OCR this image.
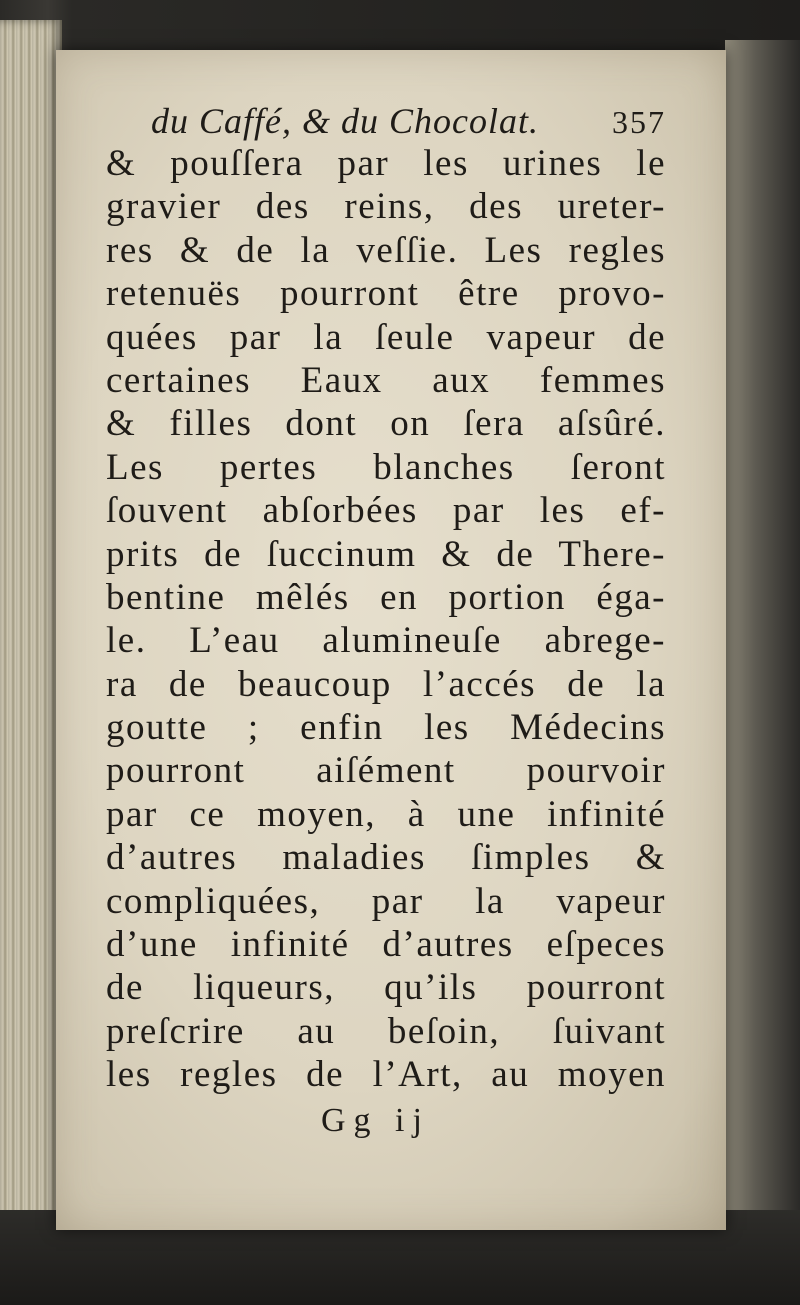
du Caffé, & du Chocolat. 357
& pouſſera par les urines le
gravier des reins, des ureter-
res & de la veſſie. Les regles
retenuës pourront être provo-
quées par la ſeule vapeur de
certaines Eaux aux femmes
& filles dont on ſera aſsûré.
Les pertes blanches ſeront
ſouvent abſorbées par les ef-
prits de ſuccinum & de There-
bentine mêlés en portion éga-
le. L’eau alumineuſe abrege-
ra de beaucoup l’accés de la
goutte ; enfin les Médecins
pourront aiſément pourvoir
par ce moyen, à une infinité
d’autres maladies ſimples &
compliquées, par la vapeur
d’une infinité d’autres eſpeces
de liqueurs, qu’ils pourront
preſcrire au beſoin, ſuivant
les regles de l’Art, au moyen
Gg ij
